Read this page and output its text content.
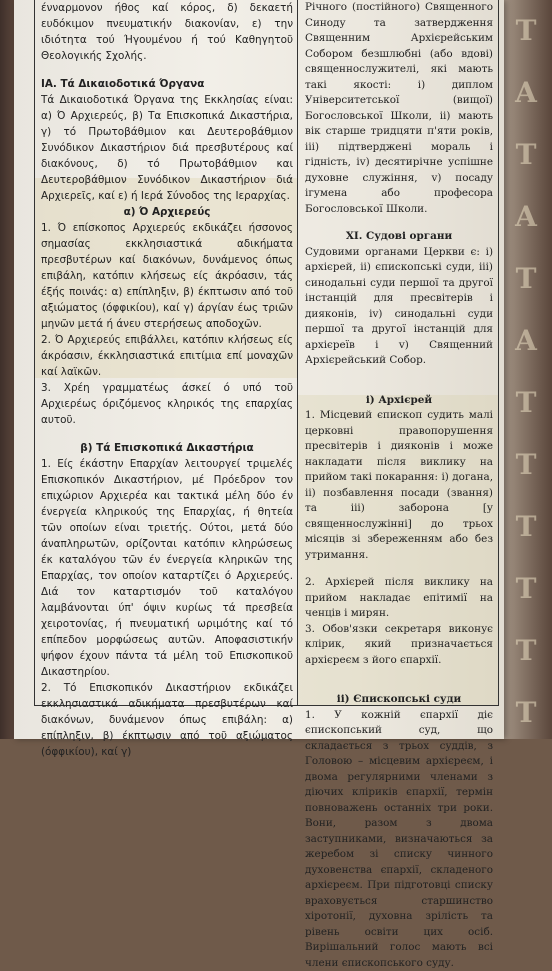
Τ
Α
Τ
Α
Τ
Α
Τ
Τ
Τ
Τ
Τ
Τ

ένναρμονον ήθος καί κόρος, δ) δεκαετή ευδόκιμον πνευματικήν διακονίαν, ε) την ιδιότητα τού Ήγουμένου ή τού Καθηγητοῦ Θεολογικής Σχολής.

ΙΑ. Τά Δικαιοδοτικά Όργανα

Τά Δικαιοδοτικά Όργανα της Εκκλησίας είναι: α) Ό Αρχιερεύς, β) Τα Επισκοπικά Δικαστήρια, γ) τό Πρωτοβάθμιον και Δευτεροβάθμιον Συνόδικον Δικαστήριον διά πρεσβυτέρους καί διακόνους, δ) τό Πρωτοβάθμιον και Δευτεροβάθμιον Συνόδικον Δικαστήριον διά Αρχιερεῖς, καί ε) ή Ιερά Σύνοδος της Ιεραρχίας.

α) Ό Αρχιερεύς

1. Ό επίσκοπος Αρχιερεύς εκδικάζει ήσσονος σημασίας εκκλησιαστικά αδικήματα πρεσβυτέρων καί διακόνων, δυνάμενος όπως επιβάλη, κατόπιν κλήσεως είς άκρόασιν, τάς έξής ποινάς: α) επίπληξιν, β) έκπτωσιν από τοῦ αξιώματος (όφφικίου), καί γ) άργίαν έως τριῶν μηνῶν μετά ή άνευ στερήσεως αποδοχῶν.

2. Ό Αρχιερεύς επιβάλλει, κατόπιν κλήσεως είς άκρόασιν, έκκλησιαστικά επιτίμια επί μοναχῶν καί λαϊκῶν.

3. Χρέη γραμματέως άσκεί ό υπό τοῦ Αρχιερέως όριζόμενος κληρικός της επαρχίας αυτοῦ.

β) Τά Επισκοπικά Δικαστήρια

1. Είς έκάστην Επαρχίαν λειτουργεί τριμελές Επισκοπικόν Δικαστήριον, μέ Πρόεδρον τον επιχώριον Αρχιερέα και τακτικά μέλη δύο έν ένεργεία κληρικούς της Επαρχίας, ή θητεία τῶν οποίων είναι τριετής. Ούτοι, μετά δύο άναπληρωτῶν, ορίζονται κατόπιν κληρώσεως έκ καταλόγου τῶν έν ένεργεία κληρικῶν της Επαρχίας, τον οποίον καταρτίζει ό Αρχιερεύς. Διά τον καταρτισμόν τοῦ καταλόγου λαμβάνονται ύπ' όψιν κυρίως τά πρεσβεία χειροτονίας, ή πνευματική ωριμότης καί τό επίπεδον μορφώσεως αυτῶν. Αποφασιστικήν ψήφον έχουν πάντα τά μέλη τοῦ Επισκοπικοῦ Δικαστηρίου.

2. Τό Επισκοπικόν Δικαστήριον εκδικάζει εκκλησιαστικά αδικήματα πρεσβυτέρων καί διακόνων, δυνάμενον όπως επιβάλη: α) επίπληξιν, β) έκπτωσιν από τοῦ αξιώματος (όφφικίου), καί γ)

Річного (постійного) Священного Синоду та затвердження Священним Архієрейським Собором безшлюбні (або вдові) священнослужителі, які мають такі якості: і) диплом Університетської (вищої) Богословської Школи, іі) мають вік старше тридцяти п'яти років, ііі) підтверджені мораль і гідність, iv) десятирічне успішне духовне служіння, v) посаду ігумена або професора Богословської Школи.

ХІ. Судові органи

Судовими органами Церкви є: і) архієрей, іі) єпископські суди, ііі) синодальні суди першої та другої інстанцій для пресвітерів і дияконів, iv) синодальні суди першої та другої інстанцій для архієреїв і v) Священний Архієрейський Собор.

і) Архієрей

1. Місцевий єпископ судить малі церковні правопорушення пресвітерів і дияконів і може накладати після виклику на прийом такі покарання: і) догана, іі) позбавлення посади (звання) та ііі) заборона [у священнослужінні] до трьох місяців зі збереженням або без утримання.

2. Архієрей після виклику на прийом накладає епітимії на ченців і мирян.

3. Обов'язки секретаря виконує клірик, який призначається архієреєм з його єпархії.

іі) Єпископські суди

1. У кожній єпархії діє єпископський суд, що складається з трьох суддів, з Головою – місцевим архієреєм, і двома регулярними членами з діючих кліриків єпархії, термін повноважень останніх три роки. Вони, разом з двома заступниками, визначаються за жеребом зі списку чинного духовенства єпархії, складеного архієреєм. При підготовці списку враховується старшинство хіротонії, духовна зрілість та рівень освіти цих осіб. Вирішальний голос мають всі члени єпископського суду.
